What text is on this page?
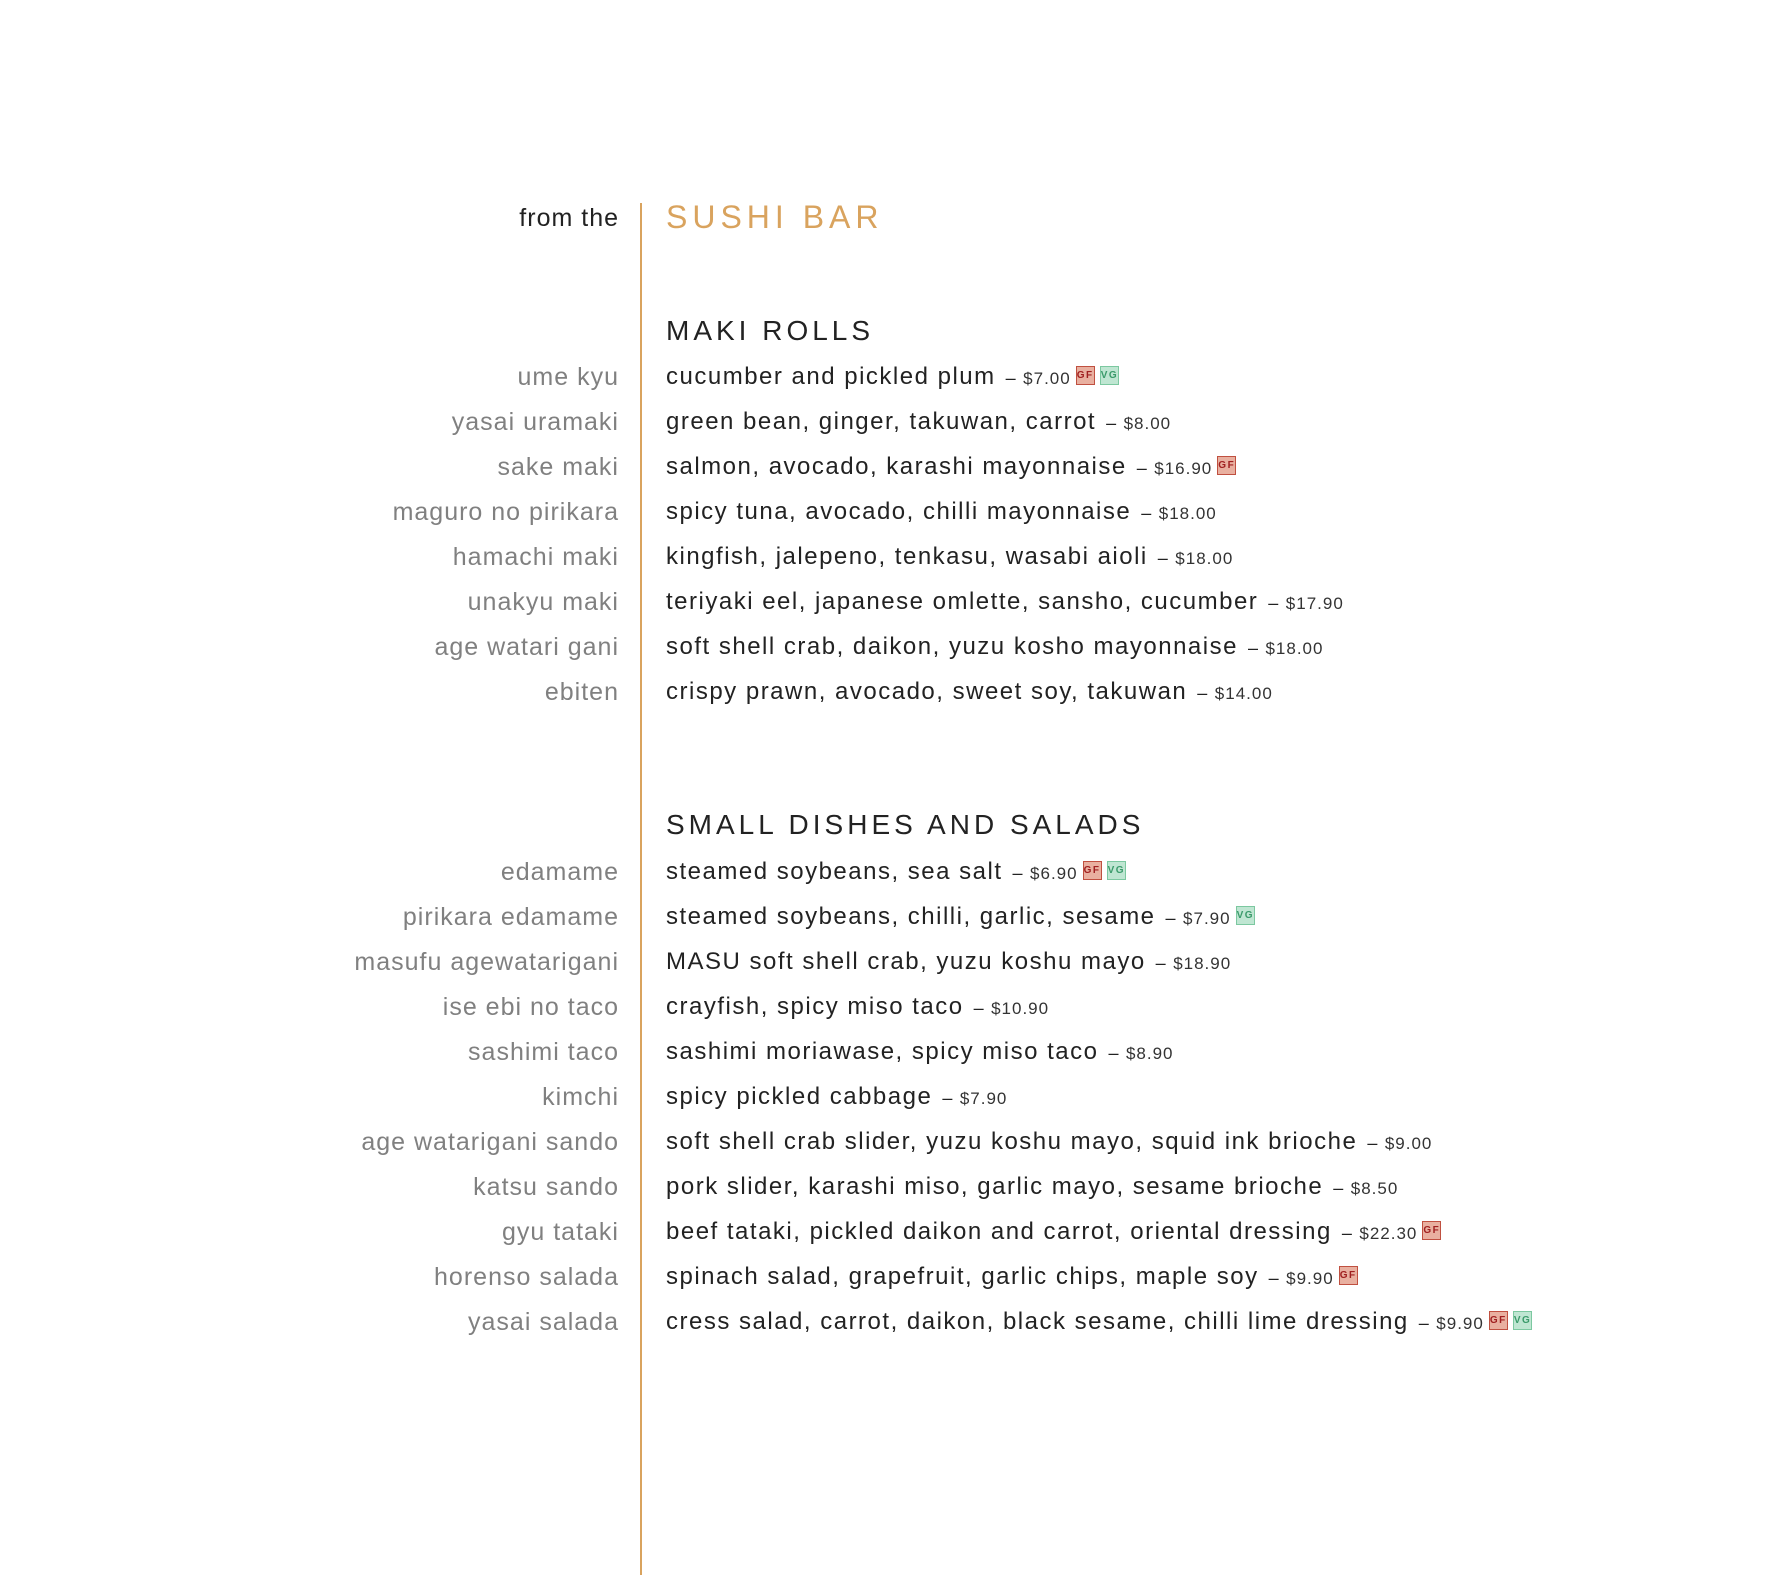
from the SUSHI BAR
MAKI ROLLS
ume kyu cucumber and pickled plum – $7.00 GF VG
yasai uramaki green bean, ginger, takuwan, carrot – $8.00
sake maki salmon, avocado, karashi mayonnaise – $16.90 GF
maguro no pirikara spicy tuna, avocado, chilli mayonnaise – $18.00
hamachi maki kingfish, jalepeno, tenkasu, wasabi aioli – $18.00
unakyu maki teriyaki eel, japanese omlette, sansho, cucumber – $17.90
age watari gani soft shell crab, daikon, yuzu kosho mayonnaise – $18.00
ebiten crispy prawn, avocado, sweet soy, takuwan – $14.00
SMALL DISHES AND SALADS
edamame steamed soybeans, sea salt – $6.90 GF VG
pirikara edamame steamed soybeans, chilli, garlic, sesame – $7.90 VG
masufu agewatarigani MASU soft shell crab, yuzu koshu mayo – $18.90
ise ebi no taco crayfish, spicy miso taco – $10.90
sashimi taco sashimi moriawase, spicy miso taco – $8.90
kimchi spicy pickled cabbage – $7.90
age watarigani sando soft shell crab slider, yuzu koshu mayo, squid ink brioche – $9.00
katsu sando pork slider, karashi miso, garlic mayo, sesame brioche – $8.50
gyu tataki beef tataki, pickled daikon and carrot, oriental dressing – $22.30 GF
horenso salada spinach salad, grapefruit, garlic chips, maple soy – $9.90 GF
yasai salada cress salad, carrot, daikon, black sesame, chilli lime dressing – $9.90 GF VG
